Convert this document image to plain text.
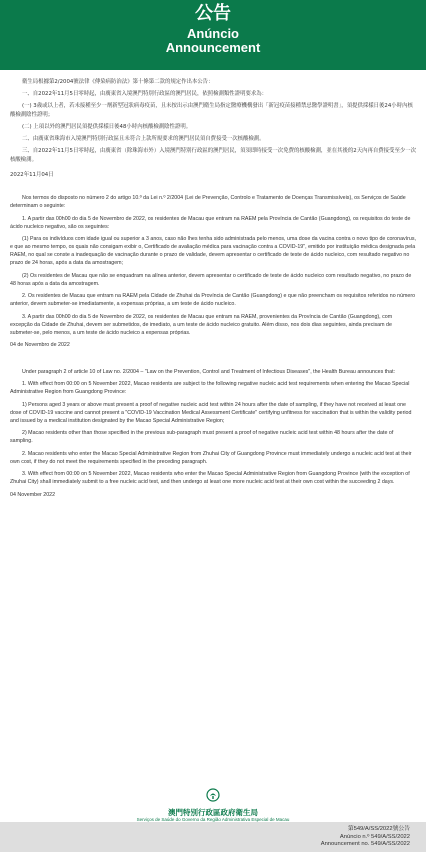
公告
Anúncio
Announcement

衛生局根據第2/2004號法律《傳染病防治法》第十條第二款的規定作出本公告：

一、自2022年11月5日零時起，由廣東省入境澳門特別行政區的澳門居民，依照檢測類性證明要求為：

(一) 3歲或以上者，若未接種至少一劑新型冠狀病毒疫苗，且未按出示由澳門衛生局指定醫療機構發出「新冠疫苗接種禁忌醫學證明書」，須提供採樣日後24小時內核酸檢測陰性證明；

(二) 上項以外的澳門居民須提供採樣日後48小時內核酸檢測陰性證明。

二、由廣東省珠海市入境澳門特別行政區且未符合上款所規要求的澳門居民須自費接受一次核酸檢測。

三、自2022年11月5日零時起，由廣東省（除珠海市外）入境澳門特別行政區的澳門居民，須須即時接受一次免費的核酸檢測，並在其後的2天內再自費接受至少一次核酸檢測。

2022年11月04日

Nos termos do disposto no número 2 do artigo 10.º da Lei n.º 2/2004 (Lei de Prevenção, Controlo e Tratamento de Doenças Transmissíveis), os Serviços de Saúde determinam o seguinte:

1. A partir das 00h00 do dia 5 de Novembro de 2022, os residentes de Macau que entram na RAEM pela Província de Cantão (Guangdong), os requisitos do teste de ácido nucleico negativo, são os seguintes:

(1) Para os indivíduos com idade igual ou superior a 3 anos, caso não lhes tenha sido administrada pelo menos, uma dose da vacina contra o novo tipo de coronavírus, e que ao mesmo tempo, os quais não consigam exibir o, Certificado de avaliação médica para vacinação contra a COVID-19", emitido por instituição médica designada pela RAEM, no qual se conste a inadequação de vacinação durante o prazo de validade, devem apresentar o certificado de teste de ácido nucleico, com resultado negativo no prazo de 24 horas, após a data da amostragem;

(2) Os residentes de Macau que não se enquadram na alínea anterior, devem apresentar o certificado de teste de ácido nucleico com resultado negativo, no prazo de 48 horas após a data da amostragem.

2. Os residentes de Macau que entram na RAEM pela Cidade de Zhuhai da Província de Cantão (Guangdong) e que não preencham os requisitos referidos no número anterior, devem submeter-se imediatamente, a expensas próprias, a um teste de ácido nucleico.

3. A partir das 00h00 do dia 5 de Novembro de 2022, os residentes de Macau que entram na RAEM, provenientes da Província de Cantão (Guangdong), com excepção da Cidade de Zhuhai, devem ser submetidos, de imediato, a um teste de ácido nucleico gratuito. Além disso, nos dois dias seguintes, ainda precisam de submeter-se, pelo menos, a um teste de ácido nucleico a expensas próprias.

04 de Novembro de 2022

Under paragraph 2 of article 10 of Law no. 2/2004 – "Law on the Prevention, Control and Treatment of Infectious Diseases", the Health Bureau announces that:

1. With effect from 00:00 on 5 November 2022, Macao residents are subject to the following negative nucleic acid test requirements when entering the Macao Special Administrative Region from Guangdong Province:

1) Persons aged 3 years or above must present a proof of negative nucleic acid test within 24 hours after the date of sampling, if they have not received at least one dose of COVID-19 vaccine and cannot present a "COVID-19 Vaccination Medical Assessment Certificate" certifying unfitness for vaccination that is within the validity period and issued by a medical institution designated by the Macao Special Administrative Region;

2) Macao residents other than those specified in the previous sub-paragraph must present a proof of negative nucleic acid test within 48 hours after the date of sampling.

2. Macao residents who enter the Macao Special Administrative Region from Zhuhai City of Guangdong Province must immediately undergo a nucleic acid test at their own cost, if they do not meet the requirements specified in the preceding paragraph.

3. With effect from 00:00 on 5 November 2022, Macao residents who enter the Macao Special Administrative Region from Guangdong Province (with the exception of Zhuhai City) shall immediately submit to a free nucleic acid test, and then undergo at least one more nucleic acid test at their own cost within the succeeding 2 days.

04 November 2022

澳門特別行政區政府衛生局
Serviços de Saúde do Governo da Região Administrativa Especial de Macau
第549/A/SS/2022號公告
Anúncio n.º 549/A/SS/2022
Announcement no. 549/A/SS/2022
